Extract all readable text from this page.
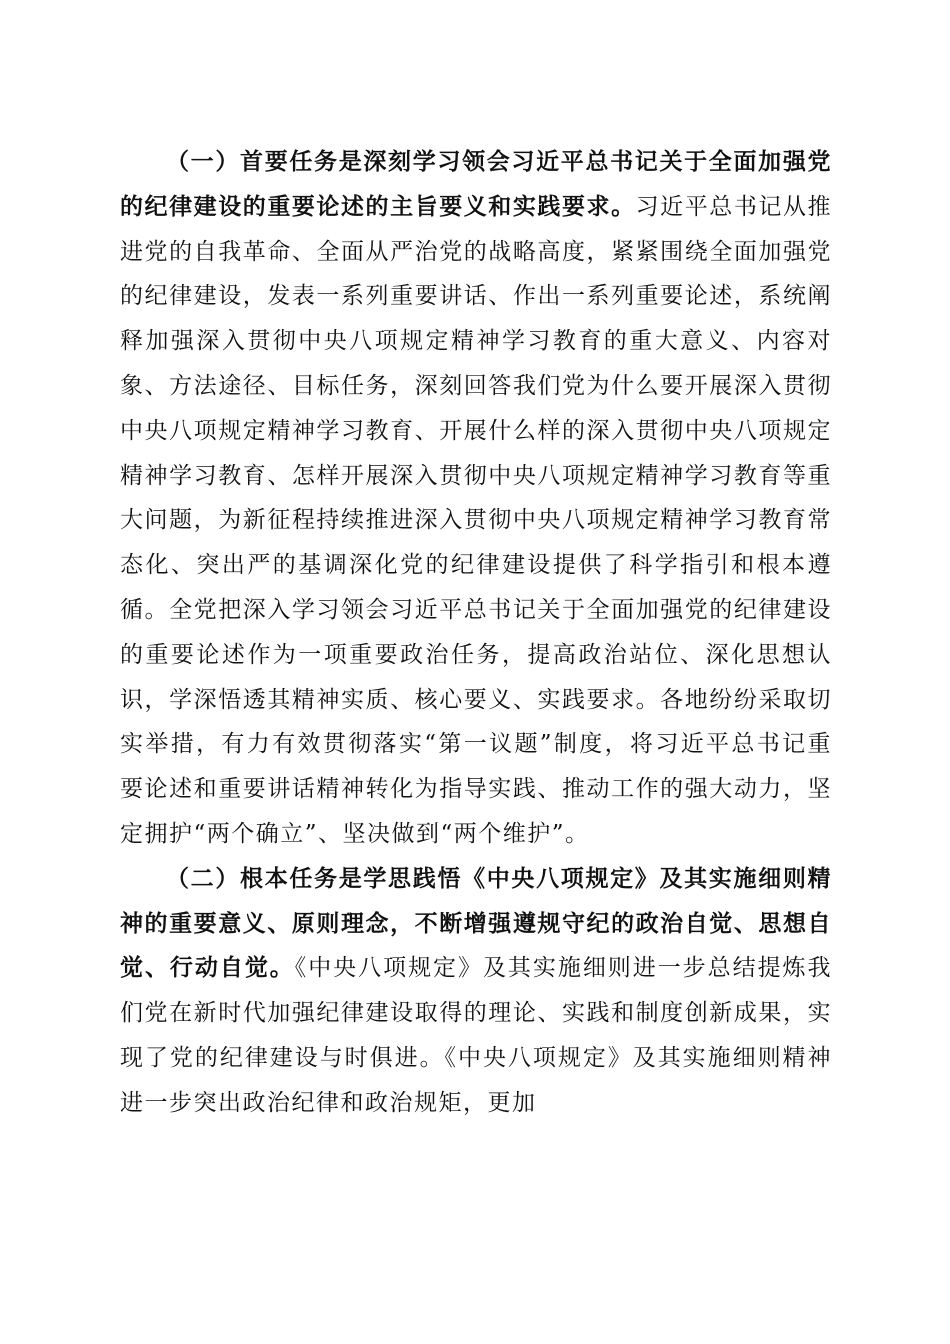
（一）首要任务是深刻学习领会习近平总书记关于全面加强党的纪律建设的重要论述的主旨要义和实践要求。习近平总书记从推进党的自我革命、全面从严治党的战略高度，紧紧围绕全面加强党的纪律建设，发表一系列重要讲话、作出一系列重要论述，系统阐释加强深入贯彻中央八项规定精神学习教育的重大意义、内容对象、方法途径、目标任务，深刻回答我们党为什么要开展深入贯彻中央八项规定精神学习教育、开展什么样的深入贯彻中央八项规定精神学习教育、怎样开展深入贯彻中央八项规定精神学习教育等重大问题，为新征程持续推进深入贯彻中央八项规定精神学习教育常态化、突出严的基调深化党的纪律建设提供了科学指引和根本遵循。全党把深入学习领会习近平总书记关于全面加强党的纪律建设的重要论述作为一项重要政治任务，提高政治站位、深化思想认识，学深悟透其精神实质、核心要义、实践要求。各地纷纷采取切实举措，有力有效贯彻落实“第一议题”制度，将习近平总书记重要论述和重要讲话精神转化为指导实践、推动工作的强大动力，坚定拥护“两个确立”、坚决做到“两个维护”。

（二）根本任务是学思践悟《中央八项规定》及其实施细则精神的重要意义、原则理念，不断增强遵规守纪的政治自觉、思想自觉、行动自觉。《中央八项规定》及其实施细则进一步总结提炼我们党在新时代加强纪律建设取得的理论、实践和制度创新成果，实现了党的纪律建设与时俱进。《中央八项规定》及其实施细则精神进一步突出政治纪律和政治规矩，更加
